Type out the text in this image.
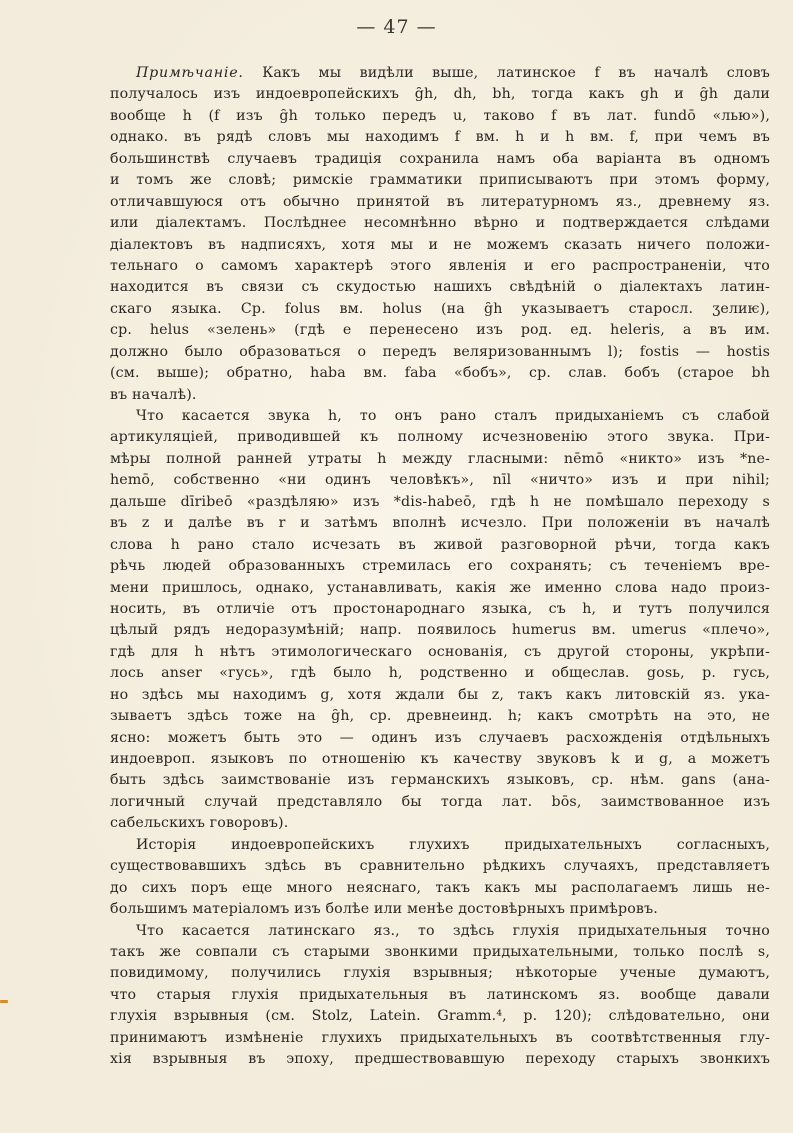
— 47 —
Примѣчаніе. Какъ мы видѣли выше, латинское f въ началѣ словъ
получалось изъ индоевропейскихъ g̑h, dh, bh, тогда какъ gh и g̑h дали
вообще h (f изъ g̑h только передъ u, таково f въ лат. fundō «лью»),
однако. въ рядѣ словъ мы находимъ f вм. h и h вм. f, при чемъ въ
большинствѣ случаевъ традиція сохранила намъ оба варіанта въ одномъ
и томъ же словѣ; римскіе грамматики приписываютъ при этомъ форму,
отличавшуюся отъ обычно принятой въ литературномъ яз., древнему яз.
или діалектамъ. Послѣднее несомнѣнно вѣрно и подтверждается слѣдами
діалектовъ въ надписяхъ, хотя мы и не можемъ сказать ничего положи-
тельнаго о самомъ характерѣ этого явленія и его распространеніи, что
находится въ связи съ скудостью нашихъ свѣдѣній о діалектахъ латин-
скаго языка. Ср. folus вм. holus (на g̑h указываетъ старосл. ʒелиѥ),
ср. helus «зелень» (гдѣ е перенесено изъ род. ед. heleris, а въ им.
должно было образоваться о передъ веляризованнымъ l); fostis — hostis
(см. выше); обратно, haba вм. faba «бобъ», ср. слав. бобъ (старое bh
въ началѣ).
Что касается звука h, то онъ рано сталъ придыханіемъ съ слабой
артикуляціей, приводившей къ полному исчезновенію этого звука. При-
мѣры полной ранней утраты h между гласными: nēmō «никто» изъ *ne-
hemō, собственно «ни одинъ человѣкъ», nīl «ничто» изъ и при nihil;
дальше dīribeō «раздѣляю» изъ *dis-habeō, гдѣ h не помѣшало переходу s
въ z и далѣе въ r и затѣмъ вполнѣ исчезло. При положеніи въ началѣ
слова h рано стало исчезать въ живой разговорной рѣчи, тогда какъ
рѣчь людей образованныхъ стремилась его сохранять; съ теченіемъ вре-
мени пришлось, однако, устанавливать, какія же именно слова надо произ-
носить, въ отличіе отъ простонароднаго языка, съ h, и тутъ получился
цѣлый рядъ недоразумѣній; напр. появилось humerus вм. umerus «плечо»,
гдѣ для h нѣтъ этимологическаго основанія, съ другой стороны, укрѣпи-
лось anser «гусь», гдѣ было h, родственно и общеслав. gosь, р. гусь,
но здѣсь мы находимъ g, хотя ждали бы z, такъ какъ литовскій яз. ука-
зываетъ здѣсь тоже на g̑h, ср. древнеинд. h; какъ смотрѣть на это, не
ясно: можетъ быть это — одинъ изъ случаевъ расхожденія отдѣльныхъ
индоевроп. языковъ по отношенію къ качеству звуковъ k и g, а можетъ
быть здѣсь заимствованіе изъ германскихъ языковъ, ср. нѣм. gans (ана-
логичный случай представляло бы тогда лат. bōs, заимствованное изъ
сабельскихъ говоровъ).
Исторія индоевропейскихъ глухихъ придыхательныхъ согласныхъ,
существовавшихъ здѣсь въ сравнительно рѣдкихъ случаяхъ, представляетъ
до сихъ поръ еще много неяснаго, такъ какъ мы располагаемъ лишь не-
большимъ матеріаломъ изъ болѣе или менѣе достовѣрныхъ примѣровъ.
Что касается латинскаго яз., то здѣсь глухія придыхательныя точно
такъ же совпали съ старыми звонкими придыхательными, только послѣ s,
повидимому, получились глухія взрывныя; нѣкоторые ученые думаютъ,
что старыя глухія придыхательныя въ латинскомъ яз. вообще давали
глухія взрывныя (см. Stolz, Latein. Gramm.⁴, p. 120); слѣдовательно, они
принимаютъ измѣненіе глухихъ придыхательныхъ въ соотвѣтственныя глу-
хія взрывныя въ эпоху, предшествовавшую переходу старыхъ звонкихъ
